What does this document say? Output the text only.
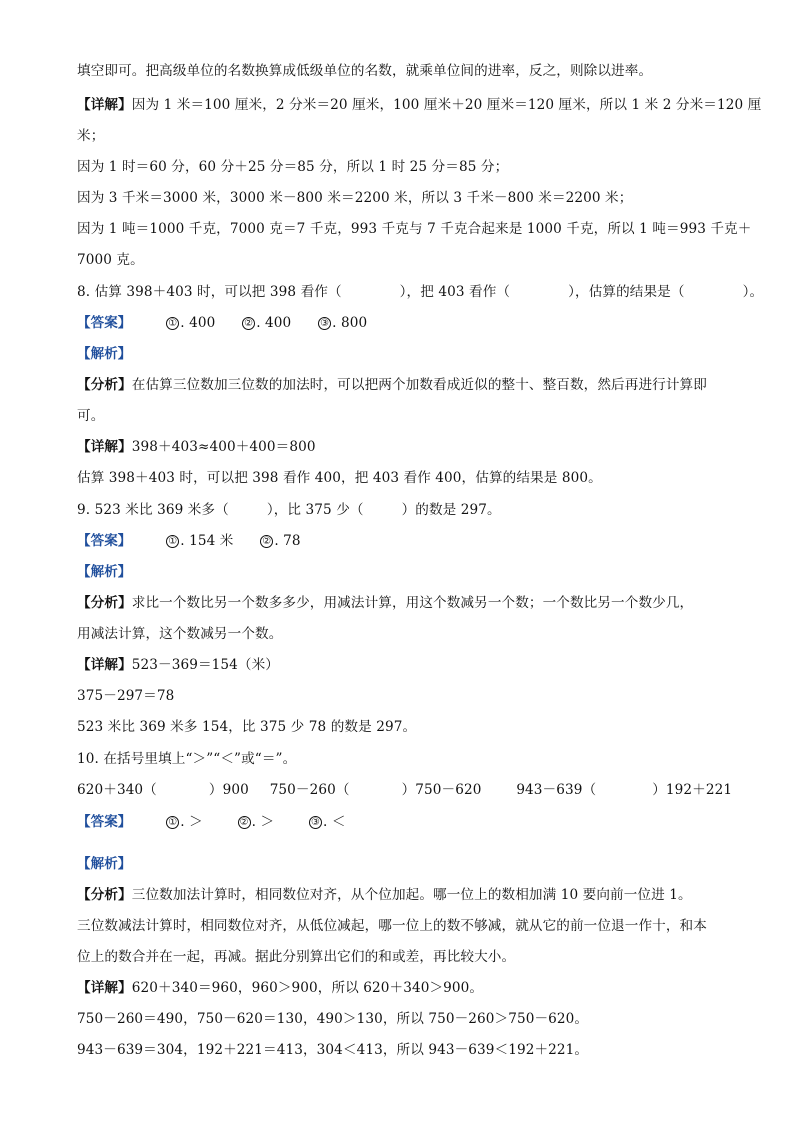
填空即可。把高级单位的名数换算成低级单位的名数，就乘单位间的进率，反之，则除以进率。
【详解】因为 1 米＝100 厘米，2 分米＝20 厘米，100 厘米＋20 厘米＝120 厘米，所以 1 米 2 分米＝120 厘
米；
因为 1 时＝60 分，60 分＋25 分＝85 分，所以 1 时 25 分＝85 分；
因为 3 千米＝3000 米，3000 米－800 米＝2200 米，所以 3 千米－800 米＝2200 米；
因为 1 吨＝1000 千克，7000 克＝7 千克，993 千克与 7 千克合起来是 1000 千克，所以 1 吨＝993 千克＋
7000 克。
8. 估算 398＋403 时，可以把 398 看作（	），把 403 看作（	），估算的结果是（	）。
【答案】	① . 400	② . 400	③ . 800
【解析】
【分析】在估算三位数加三位数的加法时，可以把两个加数看成近似的整十、整百数，然后再进行计算即
可。
【详解】398＋403≈400＋400＝800
估算 398＋403 时，可以把 398 看作 400，把 403 看作 400，估算的结果是 800。
9. 523 米比 369 米多（	），比 375 少（	）的数是 297。
【答案】	① . 154 米	② . 78
【解析】
【分析】求比一个数比另一个数多多少，用减法计算，用这个数减另一个数；一个数比另一个数少几，
用减法计算，这个数减另一个数。
【详解】523－369＝154（米）
375－297＝78
523 米比 369 米多 154，比 375 少 78 的数是 297。
10. 在括号里填上“＞”“＜”或“＝”。
620＋340（	）900 750－260（	）750－620	943－639（	）192＋221
【答案】	① . ＞	② . ＞	③ . ＜
【解析】
【分析】三位数加法计算时，相同数位对齐，从个位加起。哪一位上的数相加满 10 要向前一位进 1。
三位数减法计算时，相同数位对齐，从低位减起，哪一位上的数不够减，就从它的前一位退一作十，和本
位上的数合并在一起，再减。据此分别算出它们的和或差，再比较大小。
【详解】620＋340＝960，960＞900，所以 620＋340＞900。
750－260＝490，750－620＝130，490＞130，所以 750－260＞750－620。
943－639＝304，192＋221＝413，304＜413，所以 943－639＜192＋221。
